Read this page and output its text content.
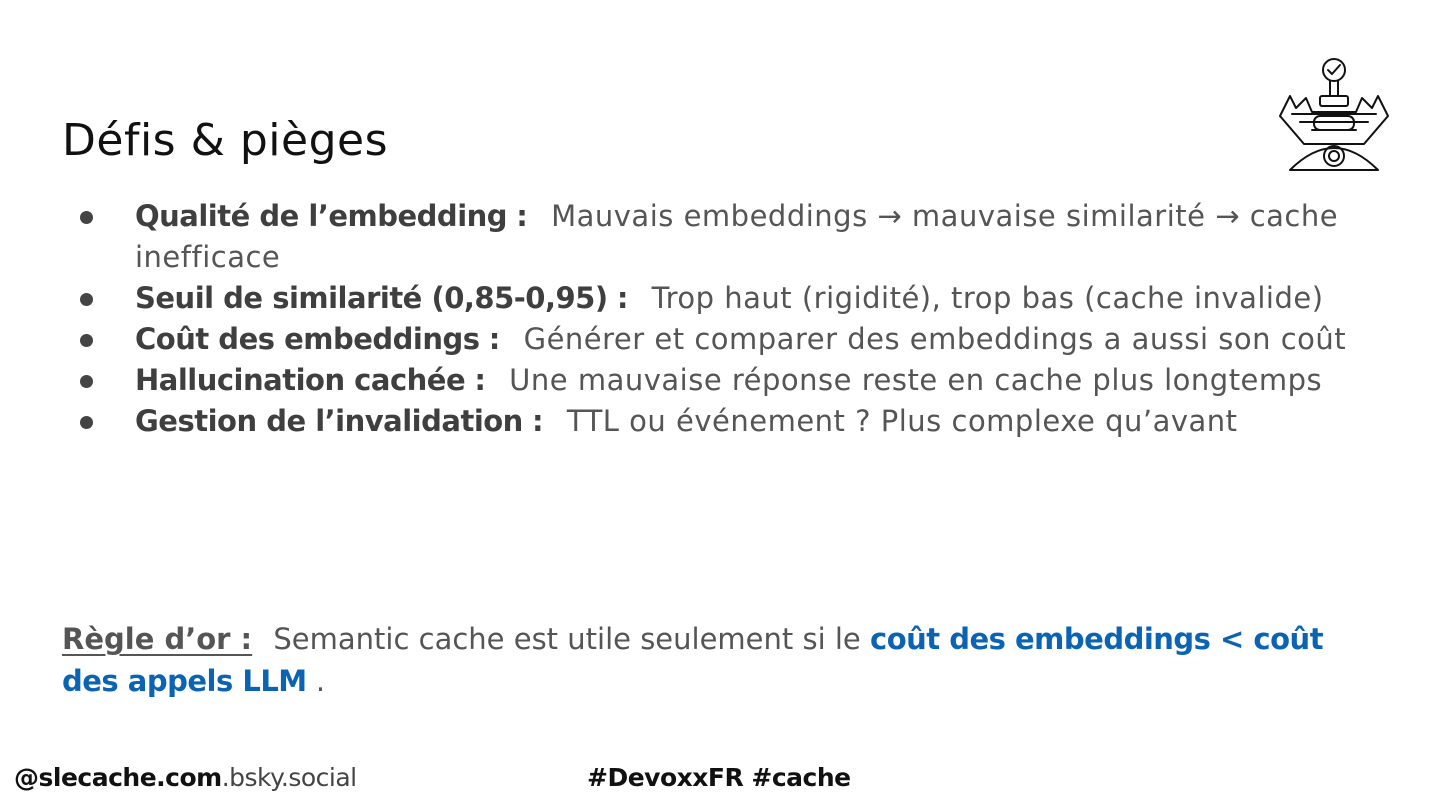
Défis & pièges
Qualité de l’embedding : Mauvais embeddings → mauvaise similarité → cache inefficace
Seuil de similarité (0,85-0,95) : Trop haut (rigidité), trop bas (cache invalide)
Coût des embeddings : Générer et comparer des embeddings a aussi son coût
Hallucination cachée : Une mauvaise réponse reste en cache plus longtemps
Gestion de l’invalidation : TTL ou événement ? Plus complexe qu’avant

Règle d’or : Semantic cache est utile seulement si le coût des embeddings < coût des appels LLM .

@slecache.com.bsky.social	#DevoxxFR #cache
